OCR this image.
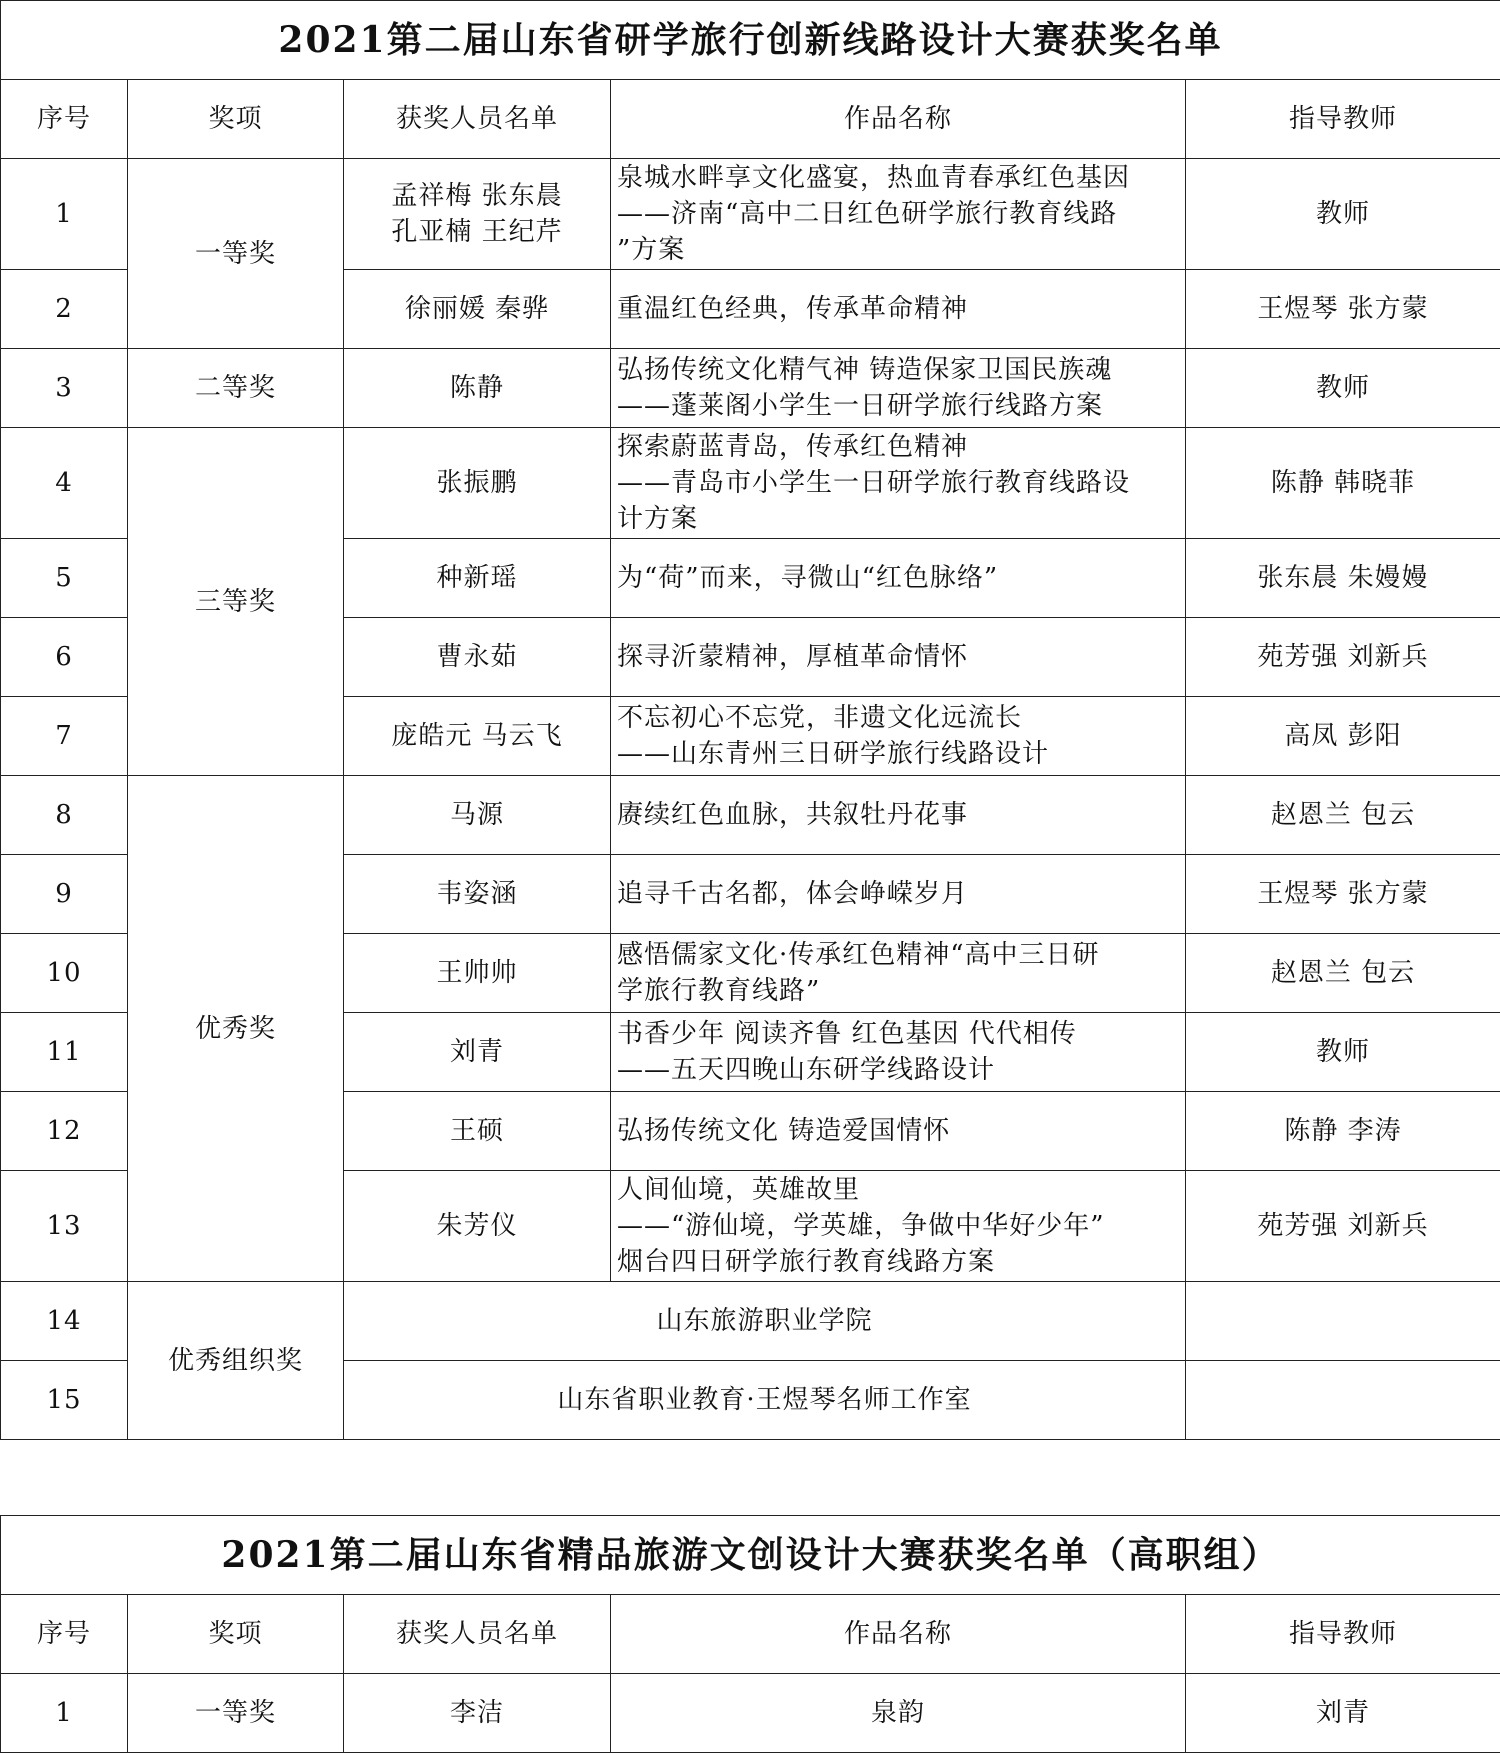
2021第二届山东省研学旅行创新线路设计大赛获奖名单				
序号	奖项	获奖人员名单	作品名称	指导教师
1	一等奖	孟祥梅 张东晨
孔亚楠 王纪芹	泉城水畔享文化盛宴，热血青春承红色基因
——济南“高中二日红色研学旅行教育线路
”方案	教师
2		徐丽媛 秦骅	重温红色经典，传承革命精神	王煜琴 张方蒙
3	二等奖	陈静	弘扬传统文化精气神 铸造保家卫国民族魂
——蓬莱阁小学生一日研学旅行线路方案	教师
4	三等奖	张振鹏	探索蔚蓝青岛，传承红色精神
——青岛市小学生一日研学旅行教育线路设
计方案	陈静 韩晓菲
5		种新瑶	为“荷”而来，寻微山“红色脉络”	张东晨 朱嫚嫚
6		曹永茹	探寻沂蒙精神，厚植革命情怀	苑芳强 刘新兵
7		庞皓元 马云飞	不忘初心不忘党，非遗文化远流长
——山东青州三日研学旅行线路设计	高凤 彭阳
8	优秀奖	马源	赓续红色血脉，共叙牡丹花事	赵恩兰 包云
9		韦姿涵	追寻千古名都，体会峥嵘岁月	王煜琴 张方蒙
10		王帅帅	感悟儒家文化·传承红色精神“高中三日研
学旅行教育线路”	赵恩兰 包云
11		刘青	书香少年 阅读齐鲁 红色基因 代代相传
——五天四晚山东研学线路设计	教师
12		王硕	弘扬传统文化 铸造爱国情怀	陈静 李涛
13		朱芳仪	人间仙境，英雄故里
——“游仙境，学英雄，争做中华好少年”
烟台四日研学旅行教育线路方案	苑芳强 刘新兵
14	优秀组织奖	山东旅游职业学院		
15		山东省职业教育·王煜琴名师工作室		
2021第二届山东省精品旅游文创设计大赛获奖名单（高职组）				
序号	奖项	获奖人员名单	作品名称	指导教师
1	一等奖	李洁	泉韵	刘青
